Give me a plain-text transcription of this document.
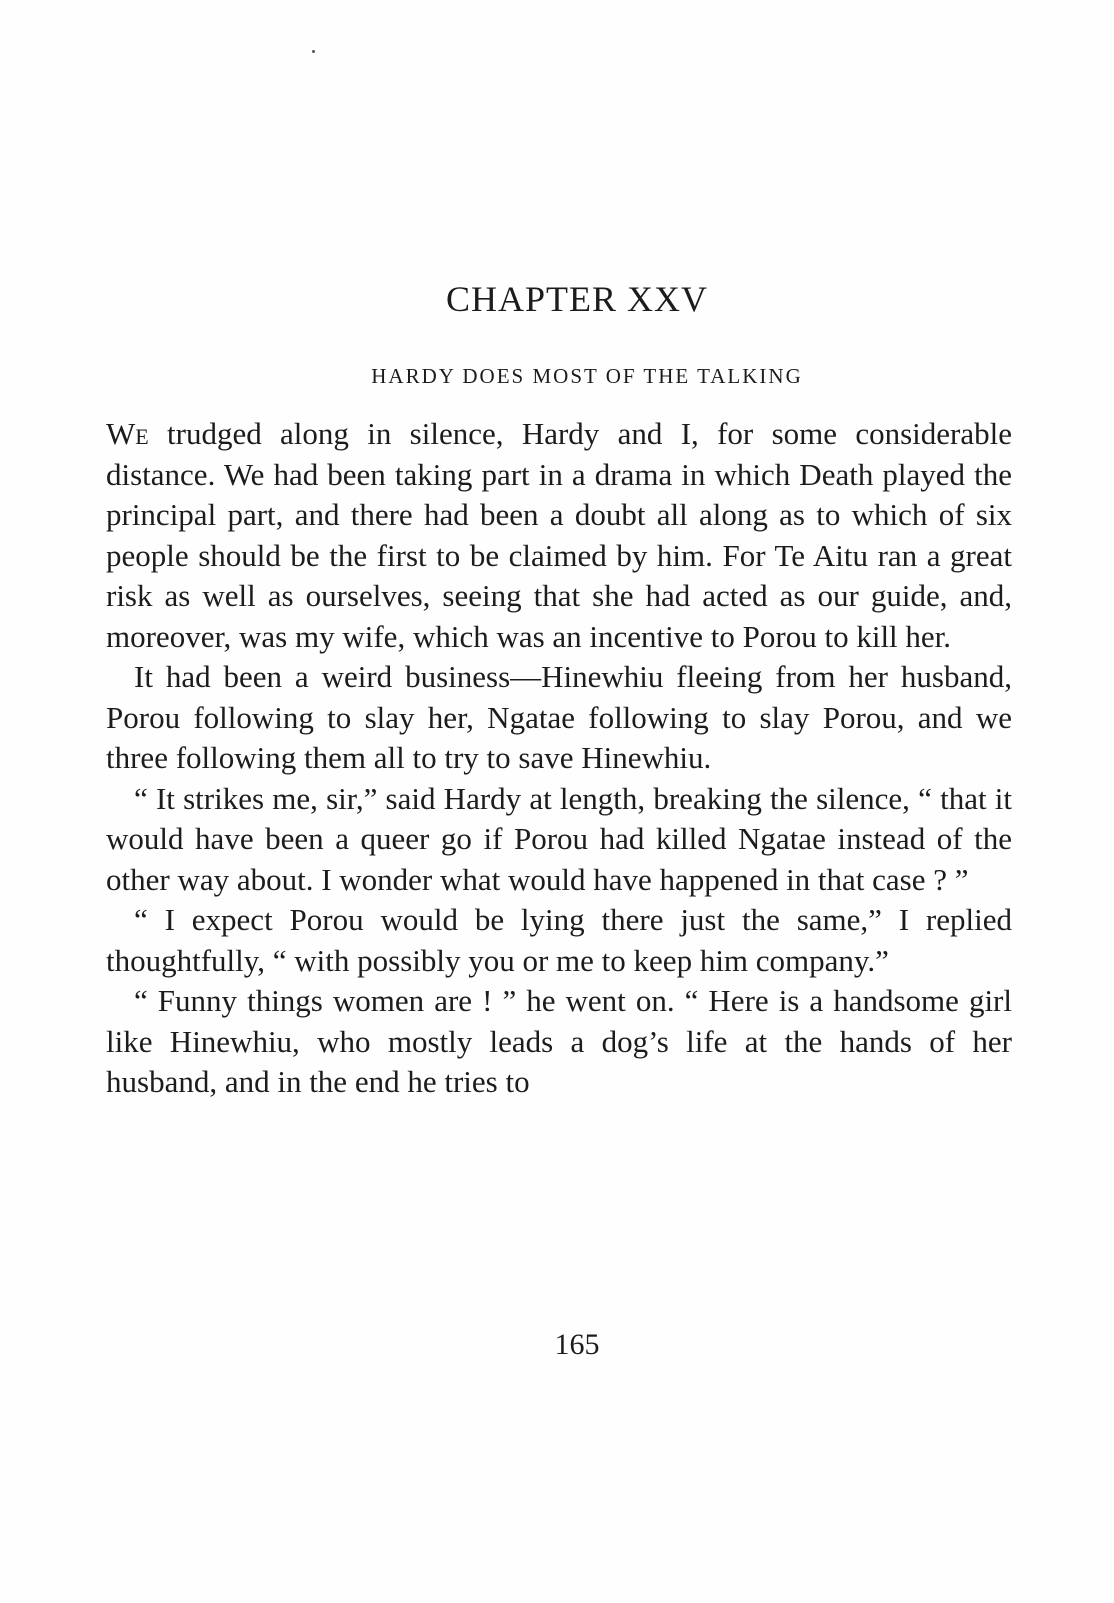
CHAPTER XXV
HARDY DOES MOST OF THE TALKING

We trudged along in silence, Hardy and I, for some considerable distance. We had been taking part in a drama in which Death played the principal part, and there had been a doubt all along as to which of six people should be the first to be claimed by him. For Te Aitu ran a great risk as well as ourselves, seeing that she had acted as our guide, and, moreover, was my wife, which was an incentive to Porou to kill her.

It had been a weird business—Hinewhiu fleeing from her husband, Porou following to slay her, Ngatae following to slay Porou, and we three following them all to try to save Hinewhiu.

“ It strikes me, sir,” said Hardy at length, breaking the silence, “ that it would have been a queer go if Porou had killed Ngatae instead of the other way about. I wonder what would have happened in that case ? ”

“ I expect Porou would be lying there just the same,” I replied thoughtfully, “ with possibly you or me to keep him company.”

“ Funny things women are ! ” he went on. “ Here is a handsome girl like Hinewhiu, who mostly leads a dog’s life at the hands of her husband, and in the end he tries to

165
